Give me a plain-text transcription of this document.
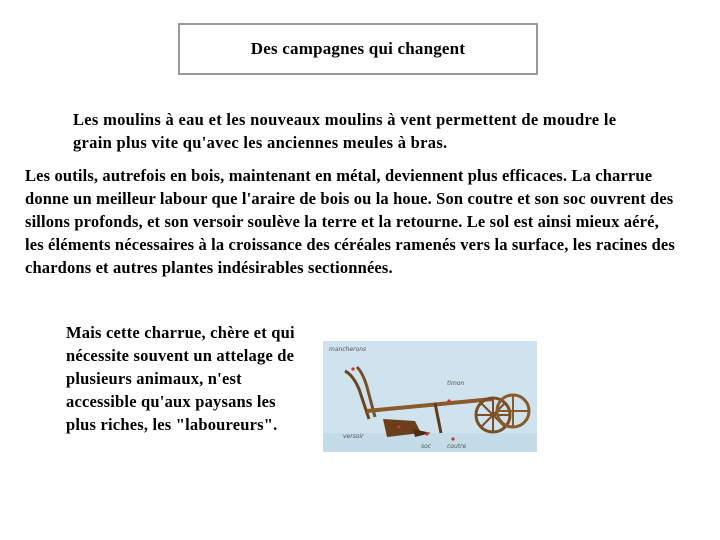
Des campagnes qui changent

Les moulins à eau et les nouveaux moulins à vent permettent de moudre le grain plus vite qu'avec les anciennes meules à bras.

Les outils, autrefois en bois, maintenant en métal, deviennent plus efficaces. La charrue donne un meilleur labour que l'araire de bois ou la houe. Son coutre et son soc ouvrent des sillons profonds, et son versoir soulève la terre et la retourne. Le sol est ainsi mieux aéré, les éléments nécessaires à la croissance des céréales ramenés vers la surface, les racines des chardons et autres plantes indésirables sectionnées.

Mais cette charrue, chère et qui nécessite souvent un attelage de plusieurs animaux, n'est accessible qu'aux paysans les plus riches, les "laboureurs".

mancherons
timon
versoir
soc	coutre
